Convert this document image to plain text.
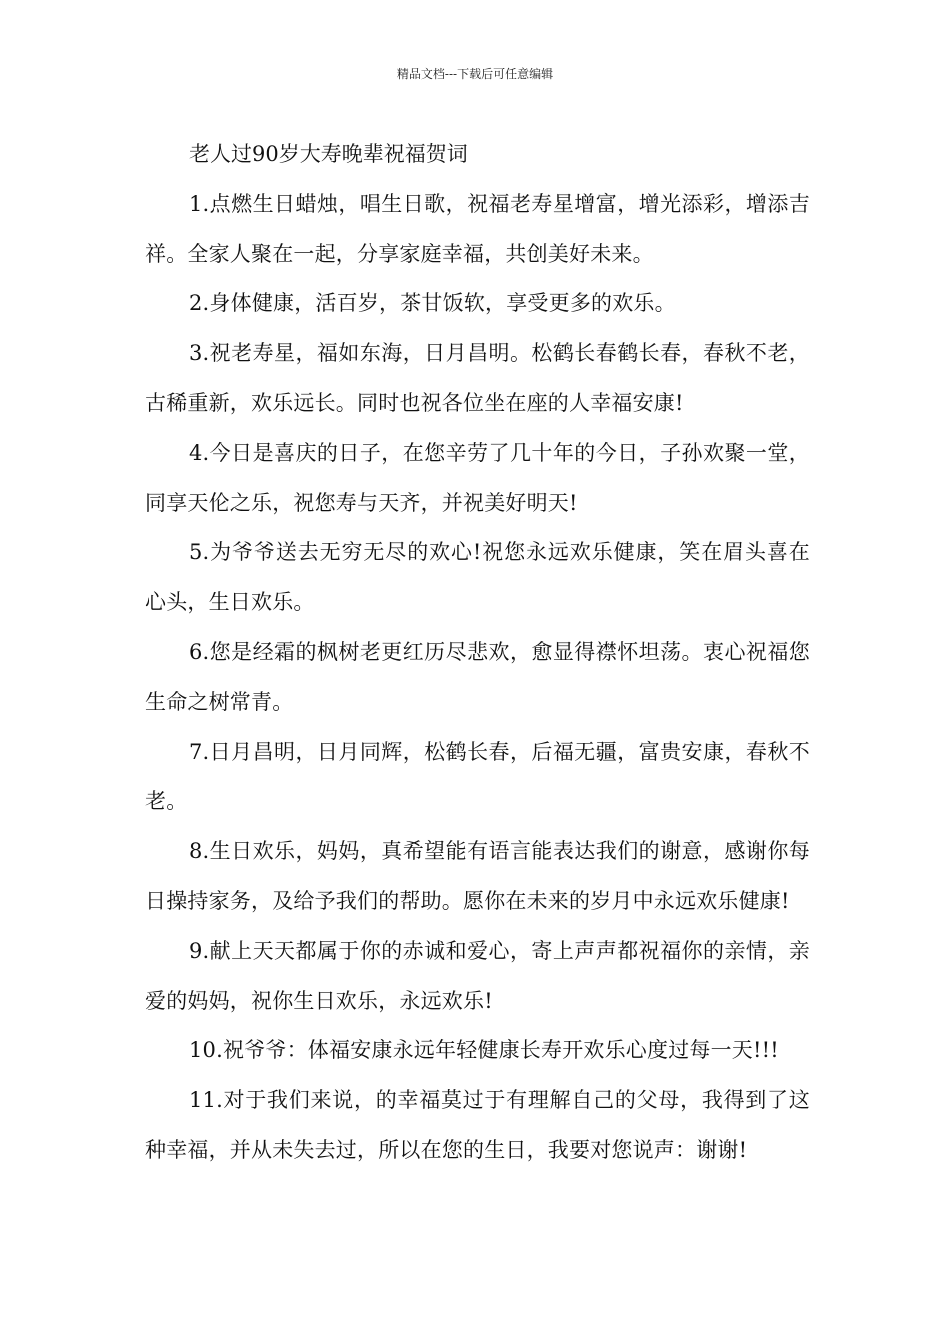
精品文档---下载后可任意编辑

老人过90岁大寿晚辈祝福贺词

1.点燃生日蜡烛，唱生日歌，祝福老寿星增富，增光添彩，增添吉祥。全家人聚在一起，分享家庭幸福，共创美好未来。

2.身体健康，活百岁，茶甘饭软，享受更多的欢乐。

3.祝老寿星，福如东海，日月昌明。松鹤长春鹤长春，春秋不老，古稀重新，欢乐远长。同时也祝各位坐在座的人幸福安康!

4.今日是喜庆的日子，在您辛劳了几十年的今日，子孙欢聚一堂，同享天伦之乐，祝您寿与天齐，并祝美好明天!

5.为爷爷送去无穷无尽的欢心!祝您永远欢乐健康，笑在眉头喜在心头，生日欢乐。

6.您是经霜的枫树老更红历尽悲欢，愈显得襟怀坦荡。衷心祝福您生命之树常青。

7.日月昌明，日月同辉，松鹤长春，后福无疆，富贵安康，春秋不老。

8.生日欢乐，妈妈，真希望能有语言能表达我们的谢意，感谢你每日操持家务，及给予我们的帮助。愿你在未来的岁月中永远欢乐健康!

9.献上天天都属于你的赤诚和爱心，寄上声声都祝福你的亲情，亲爱的妈妈，祝你生日欢乐，永远欢乐!

10.祝爷爷：体福安康永远年轻健康长寿开欢乐心度过每一天!!!

11.对于我们来说，的幸福莫过于有理解自己的父母，我得到了这种幸福，并从未失去过，所以在您的生日，我要对您说声：谢谢!
